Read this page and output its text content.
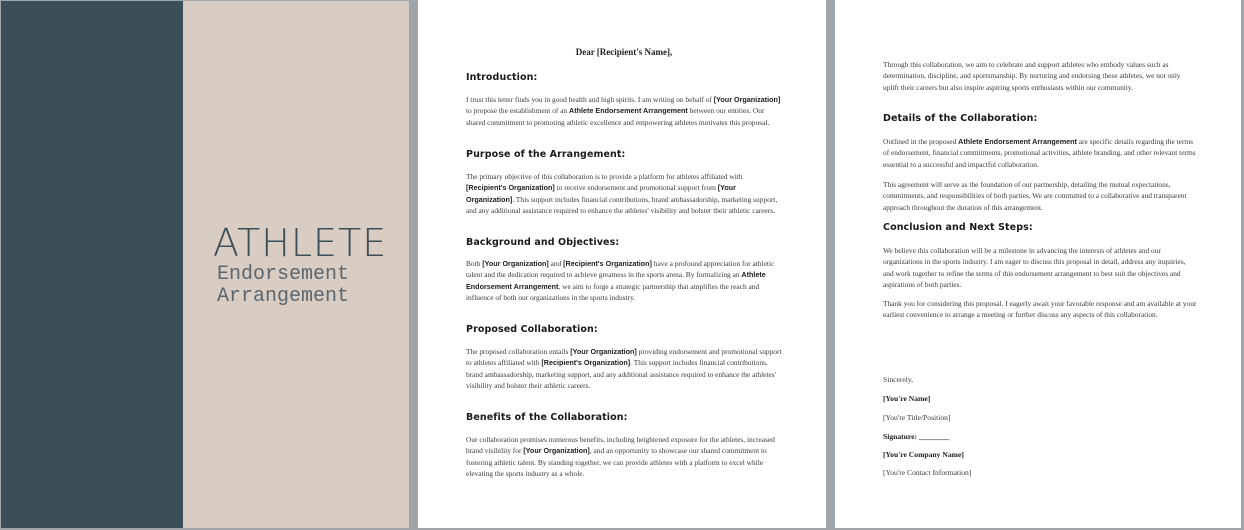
ATHLETE
Endorsement
Arrangement
Dear [Recipient's Name],
Introduction:
I trust this letter finds you in good health and high spirits. I am writing on behalf of [Your Organization] to propose the establishment of an Athlete Endorsement Arrangement between our entities. Our shared commitment to promoting athletic excellence and empowering athletes motivates this proposal.
Purpose of the Arrangement:
The primary objective of this collaboration is to provide a platform for athletes affiliated with [Recipient's Organization] to receive endorsement and promotional support from [Your Organization]. This support includes financial contributions, brand ambassadorship, marketing support, and any additional assistance required to enhance the athletes' visibility and bolster their athletic careers.
Background and Objectives:
Both [Your Organization] and [Recipient's Organization] have a profound appreciation for athletic talent and the dedication required to achieve greatness in the sports arena. By formalizing an Athlete Endorsement Arrangement, we aim to forge a strategic partnership that amplifies the reach and influence of both our organizations in the sports industry.
Proposed Collaboration:
The proposed collaboration entails [Your Organization] providing endorsement and promotional support to athletes affiliated with [Recipient's Organization]. This support includes financial contributions, brand ambassadorship, marketing support, and any additional assistance required to enhance the athletes' visibility and bolster their athletic careers.
Benefits of the Collaboration:
Our collaboration promises numerous benefits, including heightened exposure for the athletes, increased brand visibility for [Your Organization], and an opportunity to showcase our shared commitment to fostering athletic talent. By standing together, we can provide athletes with a platform to excel while elevating the sports industry as a whole.
Through this collaboration, we aim to celebrate and support athletes who embody values such as determination, discipline, and sportsmanship. By nurturing and endorsing these athletes, we not only uplift their careers but also inspire aspiring sports enthusiasts within our community.
Details of the Collaboration:
Outlined in the proposed Athlete Endorsement Arrangement are specific details regarding the terms of endorsement, financial commitments, promotional activities, athlete branding, and other relevant terms essential to a successful and impactful collaboration.
This agreement will serve as the foundation of our partnership, detailing the mutual expectations, commitments, and responsibilities of both parties. We are committed to a collaborative and transparent approach throughout the duration of this arrangement.
Conclusion and Next Steps:
We believe this collaboration will be a milestone in advancing the interests of athletes and our organizations in the sports industry. I am eager to discuss this proposal in detail, address any inquiries, and work together to refine the terms of this endorsement arrangement to best suit the objectives and aspirations of both parties.
Thank you for considering this proposal. I eagerly await your favorable response and am available at your earliest convenience to arrange a meeting or further discuss any aspects of this collaboration.
Sincerely,
[You're Name]
[You're Title/Position]
Signature: ________
[You're Company Name]
[You're Contact Information]
